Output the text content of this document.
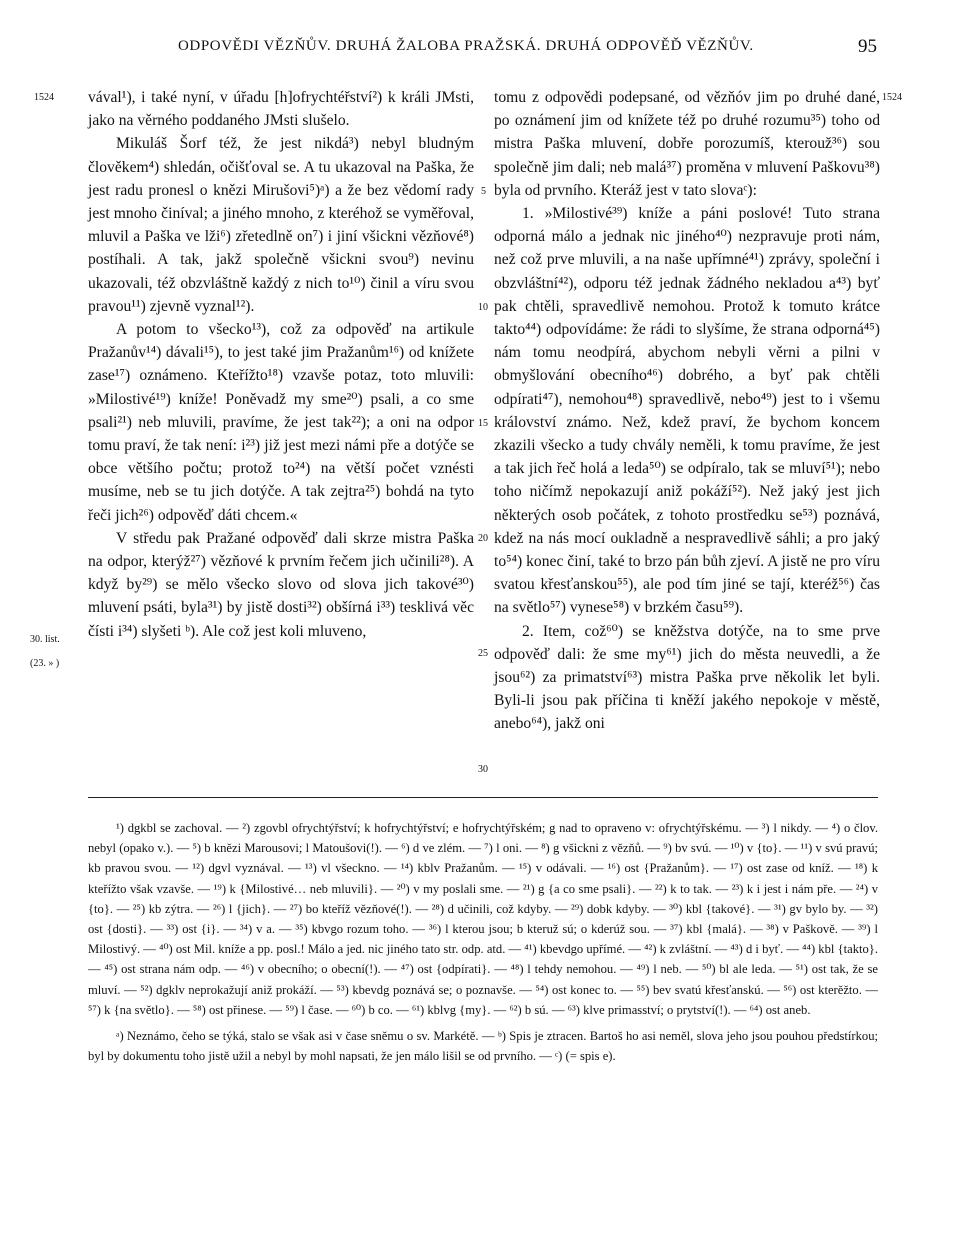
ODPOVĚDI VĚZŇŮV. DRUHÁ ŽALOBA PRAŽSKÁ. DRUHÁ ODPOVĚĎ VĚZŇŮV.	95
1524	1524
5
10
15
20
25
30
30. list.
(23. » )

vával¹), i také nyní, v úřadu [h]ofrychtéřství²) k králi JMsti, jako na věrného poddaného JMsti slušelo.

Mikuláš Šorf též, že jest nikdá³) nebyl bludným člověkem⁴) shledán, očišťoval se. A tu ukazoval na Paška, že jest radu pronesl o knězi Mirušovi⁵)ᵃ) a že bez vědomí rady jest mnoho činíval; a jiného mnoho, z kteréhož se vyměřoval, mluvil a Paška ve lži⁶) zřetedlně on⁷) i jiní všickni vězňové⁸) postíhali. A tak, jakž společně všickni svou⁹) nevinu ukazovali, též obzvláštně každý z nich to¹⁰) činil a víru svou pravou¹¹) zjevně vyznal¹²).

A potom to všecko¹³), což za odpověď na artikule Pražanův¹⁴) dávali¹⁵), to jest také jim Pražanům¹⁶) od knížete zase¹⁷) oznámeno. Kteřížto¹⁸) vzavše potaz, toto mluvili: »Milostivé¹⁹) kníže! Poněvadž my sme²⁰) psali, a co sme psali²¹) neb mluvili, pravíme, že jest tak²²); a oni na odpor tomu praví, že tak není: i²³) již jest mezi námi pře a dotýče se obce většího počtu; protož to²⁴) na větší počet vznésti musíme, neb se tu jich dotýče. A tak zejtra²⁵) bohdá na tyto řeči jich²⁶) odpověď dáti chcem.«

V středu pak Pražané odpověď dali skrze mistra Paška na odpor, kterýž²⁷) vězňové k prvním řečem jich učinili²⁸). A když by²⁹) se mělo všecko slovo od slova jich takové³⁰) mluvení psáti, byla³¹) by jistě dosti³²) obšírná i³³) tesklivá věc čísti i³⁴) slyšeti ᵇ). Ale což jest koli mluveno,

tomu z odpovědi podepsané, od vězňóv jim po druhé dané, po oznámení jim od knížete též po druhé rozumu³⁵) toho od mistra Paška mluvení, dobře porozumíš, kterouž³⁶) sou společně jim dali; neb malá³⁷) proměna v mluvení Paškovu³⁸) byla od prvního. Kteráž jest v tato slovaᶜ):

1. »Milostivé³⁹) kníže a páni poslové! Tuto strana odporná málo a jednak nic jiného⁴⁰) nezpravuje proti nám, než což prve mluvili, a na naše upřímné⁴¹) zprávy, společní i obzvláštní⁴²), odporu též jednak žádného nekladou a⁴³) byť pak chtěli, spravedlivě nemohou. Protož k tomuto krátce takto⁴⁴) odpovídáme: že rádi to slyšíme, že strana odporná⁴⁵) nám tomu neodpírá, abychom nebyli věrni a pilni v obmyšlování obecního⁴⁶) dobrého, a byť pak chtěli odpírati⁴⁷), nemohou⁴⁸) spravedlivě, nebo⁴⁹) jest to i všemu království známo. Než, kdež praví, že bychom koncem zkazili všecko a tudy chvály neměli, k tomu pravíme, že jest a tak jich řeč holá a leda⁵⁰) se odpíralo, tak se mluví⁵¹); nebo toho ničímž nepokazují aniž pokáží⁵²). Než jaký jest jich některých osob počátek, z tohoto prostředku se⁵³) poznává, kdež na nás mocí oukladně a nespravedlivě sáhli; a pro jaký to⁵⁴) konec činí, také to brzo pán bůh zjeví. A jistě ne pro víru svatou křesťanskou⁵⁵), ale pod tím jiné se tají, kteréž⁵⁶) čas na světlo⁵⁷) vynese⁵⁸) v brzkém času⁵⁹).

2. Item, což⁶⁰) se kněžstva dotýče, na to sme prve odpověď dali: že sme my⁶¹) jich do města neuvedli, a že jsou⁶²) za primatství⁶³) mistra Paška prve několik let byli. Byli-li jsou pak příčina ti kněží jakého nepokoje v městě, anebo⁶⁴), jakž oni

¹) dgkbl se zachoval. — ²) zgovbl ofrychtýřství; k hofrychtýřství; e hofrychtýřském; g nad to opraveno v: ofrychtýřskému. — ³) l nikdy. — ⁴) o člov. nebyl (opako v.). — ⁵) b knězi Marousovi; l Matoušovi(!). — ⁶) d ve zlém. — ⁷) l oni. — ⁸) g všickni z vězňů. — ⁹) bv svú. — ¹⁰) v {to}. — ¹¹) v svú pravú; kb pravou svou. — ¹²) dgvl vyznával. — ¹³) vl všeckno. — ¹⁴) kblv Pražanům. — ¹⁵) v odávali. — ¹⁶) ost {Pražanům}. — ¹⁷) ost zase od kníž. — ¹⁸) k kteřížto však vzavše. — ¹⁹) k {Milostivé… neb mluvili}. — ²⁰) v my poslali sme. — ²¹) g {a co sme psali}. — ²²) k to tak. — ²³) k i jest i nám pře. — ²⁴) v {to}. — ²⁵) kb zýtra. — ²⁶) l {jich}. — ²⁷) bo kteříž vězňové(!). — ²⁸) d učinili, což kdyby. — ²⁹) dobk kdyby. — ³⁰) kbl {takové}. — ³¹) gv bylo by. — ³²) ost {dosti}. — ³³) ost {i}. — ³⁴) v a. — ³⁵) kbvgo rozum toho. — ³⁶) l kterou jsou; b kteruž sú; o kderúž sou. — ³⁷) kbl {malá}. — ³⁸) v Paškově. — ³⁹) l Milostivý. — ⁴⁰) ost Mil. kníže a pp. posl.! Málo a jed. nic jiného tato str. odp. atd. — ⁴¹) kbevdgo upřímé. — ⁴²) k zvláštní. — ⁴³) d i byť. — ⁴⁴) kbl {takto}. — ⁴⁵) ost strana nám odp. — ⁴⁶) v obecního; o obecní(!). — ⁴⁷) ost {odpírati}. — ⁴⁸) l tehdy nemohou. — ⁴⁹) l neb. — ⁵⁰) bl ale leda. — ⁵¹) ost tak, že se mluví. — ⁵²) dgklv neprokažují aniž prokáží. — ⁵³) kbevdg poznává se; o poznavše. — ⁵⁴) ost konec to. — ⁵⁵) bev svatú křesťanskú. — ⁵⁶) ost kterěžto. — ⁵⁷) k {na světlo}. — ⁵⁸) ost přinese. — ⁵⁹) l čase. — ⁶⁰) b co. — ⁶¹) kblvg {my}. — ⁶²) b sú. — ⁶³) klve primasství; o prytství(!). — ⁶⁴) ost aneb.

ᵃ) Neznámo, čeho se týká, stalo se však asi v čase sněmu o sv. Markétě. — ᵇ) Spis je ztracen. Bartoš ho asi neměl, slova jeho jsou pouhou předstírkou; byl by dokumentu toho jistě užil a nebyl by mohl napsati, že jen málo lišil se od prvního. — ᶜ) (= spis e).
